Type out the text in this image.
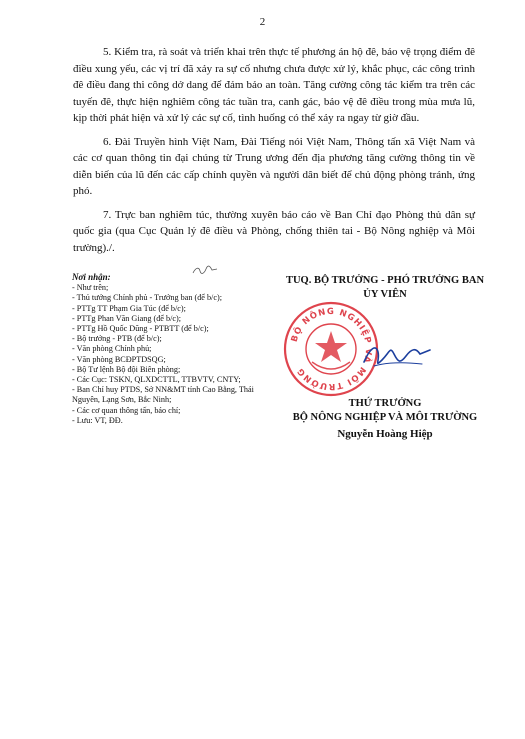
2

5. Kiểm tra, rà soát và triển khai trên thực tế phương án hộ đê, bảo vệ trọng điểm đê điều xung yếu, các vị trí đã xảy ra sự cố nhưng chưa được xử lý, khắc phục, các công trình đê điều đang thi công dở dang để đảm bảo an toàn. Tăng cường công tác kiểm tra trên các tuyến đê, thực hiện nghiêm công tác tuần tra, canh gác, bảo vệ đê điều trong mùa mưa lũ, kịp thời phát hiện và xử lý các sự cố, tình huống có thể xảy ra ngay từ giờ đầu.

6. Đài Truyền hình Việt Nam, Đài Tiếng nói Việt Nam, Thông tấn xã Việt Nam và các cơ quan thông tin đại chúng từ Trung ương đến địa phương tăng cường thông tin về diễn biến của lũ đến các cấp chính quyền và người dân biết để chủ động phòng tránh, ứng phó.

7. Trực ban nghiêm túc, thường xuyên báo cáo về Ban Chỉ đạo Phòng thủ dân sự quốc gia (qua Cục Quản lý đê điều và Phòng, chống thiên tai - Bộ Nông nghiệp và Môi trường)./.

Nơi nhận:
- Như trên;
- Thủ tướng Chính phủ - Trưởng ban (để b/c);
- PTTg TT Phạm Gia Túc (để b/c);
- PTTg Phan Văn Giang (để b/c);
- PTTg Hồ Quốc Dũng - PTBTT (để b/c);
- Bộ trưởng - PTB (để b/c);
- Văn phòng Chính phủ;
- Văn phòng BCĐPTDSQG;
- Bộ Tư lệnh Bộ đội Biên phòng;
- Các Cục: TSKN, QLXDCTTL, TTBVTV, CNTY;
- Ban Chỉ huy PTDS, Sở NN&MT tỉnh Cao Bằng, Thái Nguyên, Lạng Sơn, Bắc Ninh;
- Các cơ quan thông tấn, báo chí;
- Lưu: VT, ĐĐ.
BỘ NÔNG NGHIỆP VÀ MÔI TRƯỜNG
TUQ. BỘ TRƯỞNG - PHÓ TRƯỞNG BAN
ỦY VIÊN
THỨ TRƯỞNG
BỘ NÔNG NGHIỆP VÀ MÔI TRƯỜNG
Nguyễn Hoàng Hiệp
